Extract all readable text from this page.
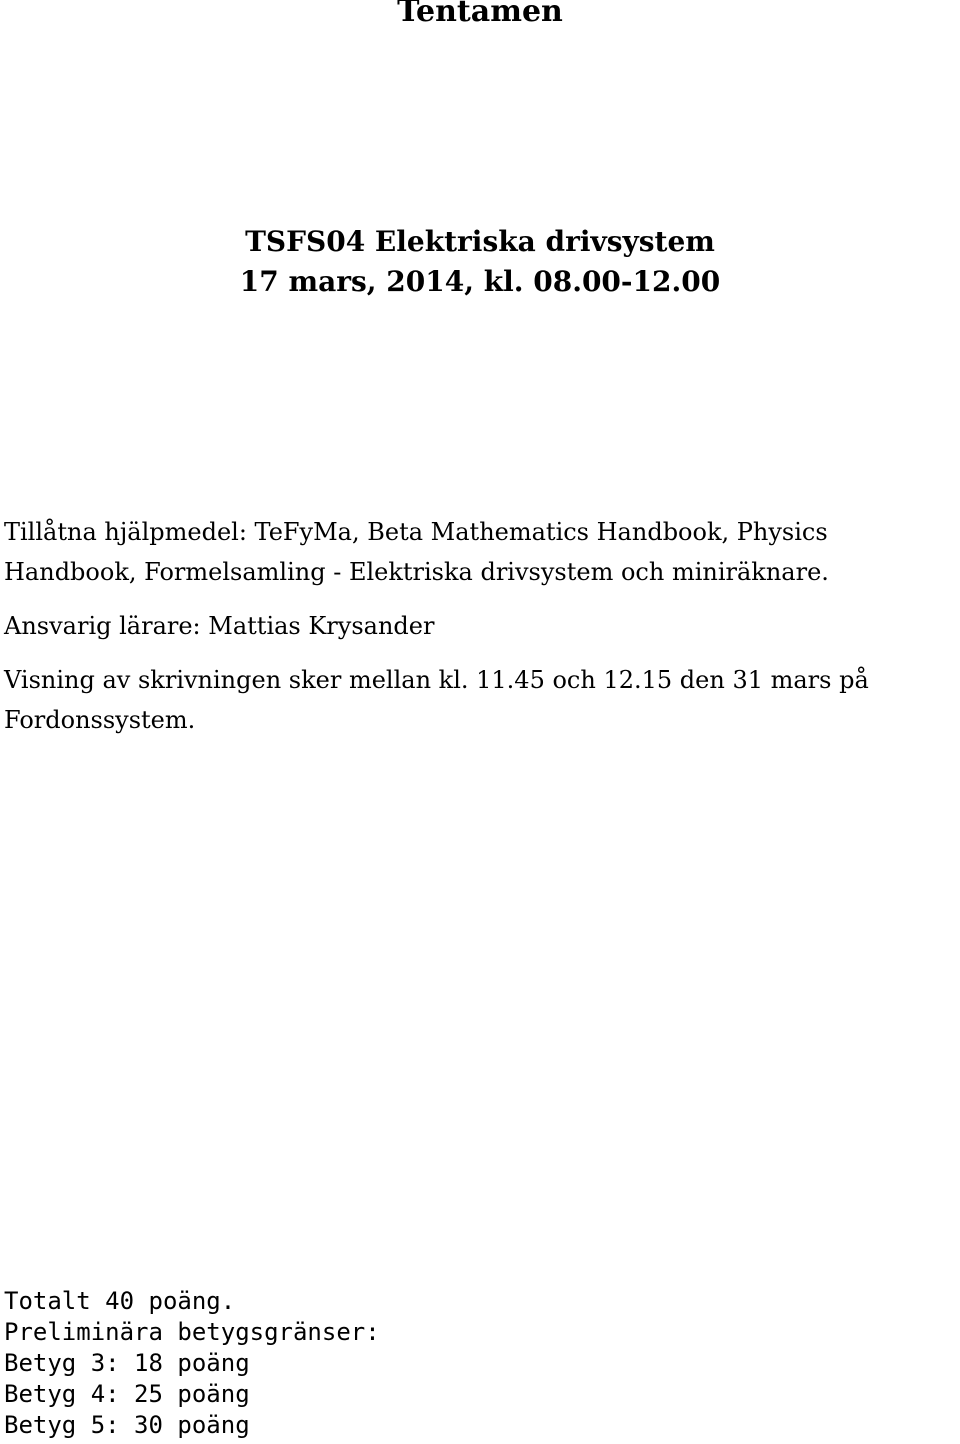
Tentamen
TSFS04 Elektriska drivsystem
17 mars, 2014, kl. 08.00-12.00

Tillåtna hjälpmedel: TeFyMa, Beta Mathematics Handbook, Physics Handbook, Formelsamling - Elektriska drivsystem och miniräknare.

Ansvarig lärare: Mattias Krysander

Visning av skrivningen sker mellan kl. 11.45 och 12.15 den 31 mars på Fordonssystem.

Totalt 40 poäng.
Preliminära betygsgränser:
Betyg 3: 18 poäng
Betyg 4: 25 poäng
Betyg 5: 30 poäng
